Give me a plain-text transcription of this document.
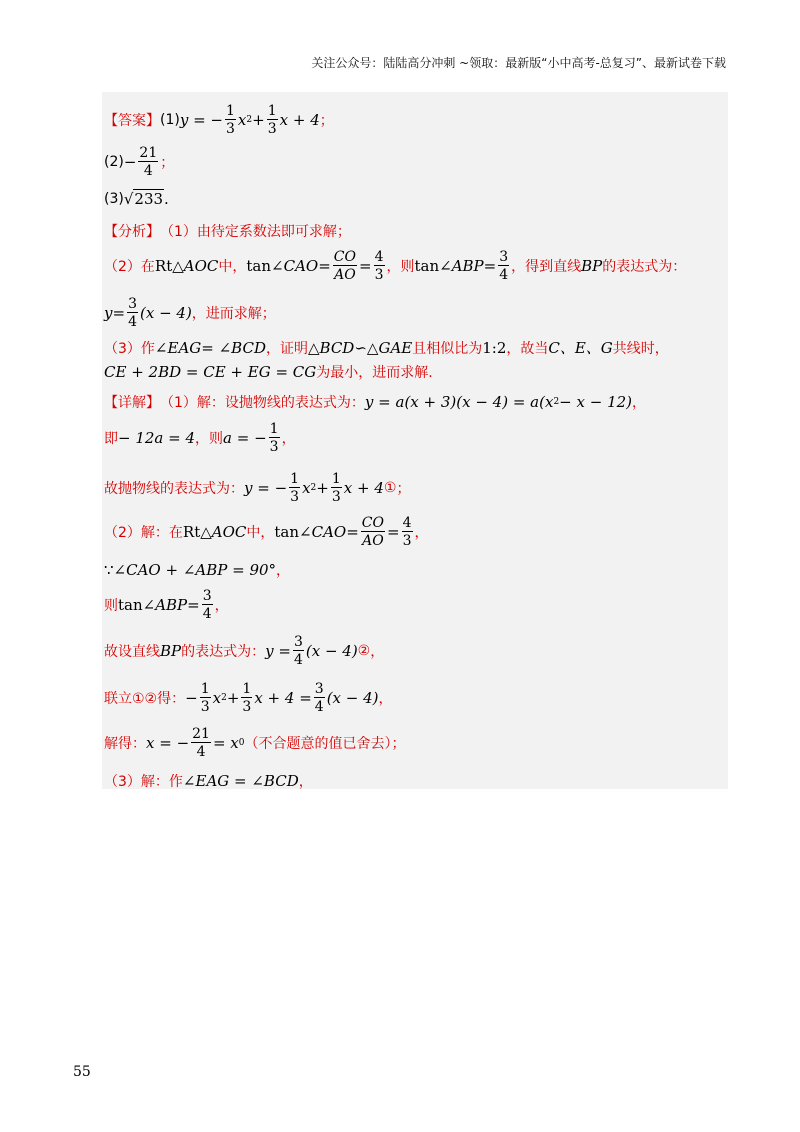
关注公众号：陆陆高分冲刺 ~领取：最新版“小中高考-总复习”、最新试卷下载
【答案】 (1) y = − $\frac{1}{3}$ x $2 + \frac{1}{3}$ x + 4 ；
$(2) - \frac{21}{4}$ ；
(3) √ 233 .
【分析】 （1）由待定系数法即可求解；
（2）在 Rt △ AOC 中， tan∠ CAO = $\frac{CO}{AO} = \frac{4}{3}$ ，则 tan∠ ABP = $\frac{3}{4}$ ，得到直线 BP 的表达式为：
$y = \frac{3}{4} (x - 4)$ ，进而求解；
（3）作 ∠ EAG = ∠ BCD ，证明 △ BCD ∽ △ GAE 且相似比为 1:2 ，故当 C、E、G 共线时，
CE + 2BD = CE + EG = CG 为最小，进而求解.
【详解】 （1）解：设抛物线的表达式为： y = a(x + 3)(x − 4) = a(x 2 − x − 12) ，
即 − 12a = 4 ，则 a = − $\frac{1}{3}$ ，
故抛物线的表达式为： y = − $\frac{1}{3}$ x $2 + \frac{1}{3}$ x + 4 ① ；
（2）解：在 Rt △ AOC 中， tan∠ CAO = $\frac{CO}{AO} = \frac{4}{3}$ ，
∵ ∠CAO + ∠ABP = 90° ，
则 tan∠ ABP = $\frac{3}{4}$ ，
故设直线 BP 的表达式为： $y = \frac{3}{4} (x - 4)$ ② ，
联立①②得： − $\frac{1}{3}$ x $2 + \frac{1}{3}$ $x + 4 = \frac{3}{4} (x - 4)$ ，
解得： x = − $\frac{21}{4} = x$ 0 （不合题意的值已舍去）；
（3）解：作 ∠EAG = ∠BCD ，
55
